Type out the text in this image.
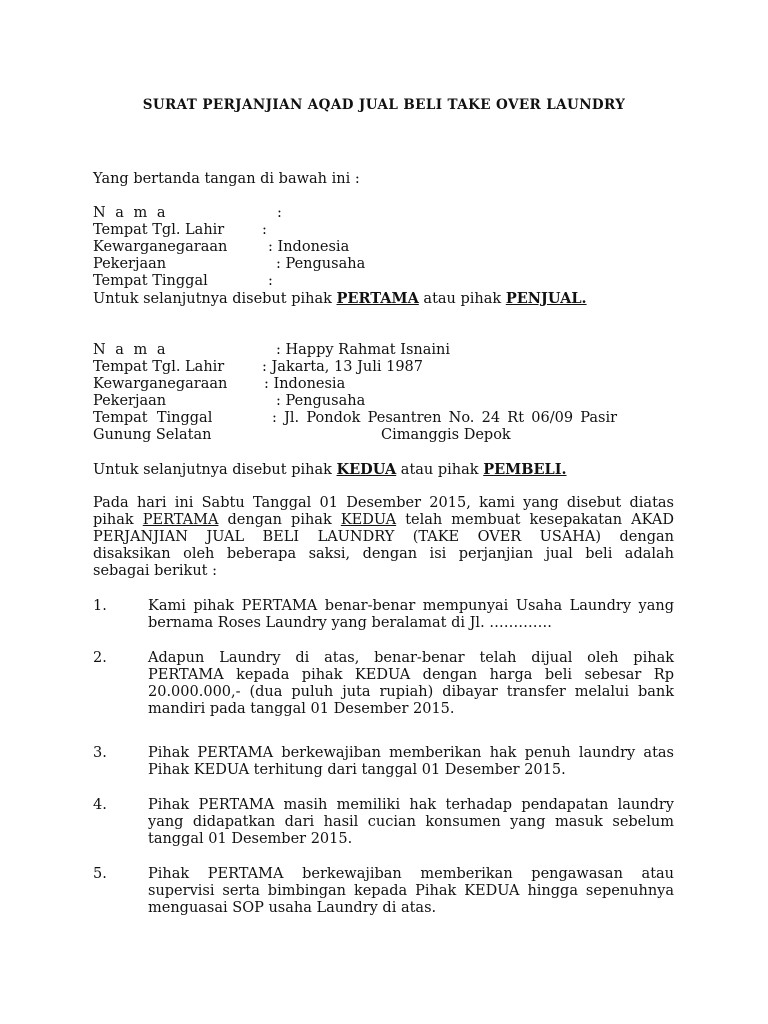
SURAT PERJANJIAN AQAD JUAL BELI TAKE OVER LAUNDRY
Yang bertanda tangan di bawah ini :
N a m a	:
Tempat Tgl. Lahir	:
Kewarganegaraan	: Indonesia
Pekerjaan	: Pengusaha
Tempat Tinggal	:
Untuk selanjutnya disebut pihak PERTAMA atau pihak PENJUAL.
N a m a	: Happy Rahmat Isnaini
Tempat Tgl. Lahir	: Jakarta, 13 Juli 1987
Kewarganegaraan	: Indonesia
Pekerjaan	: Pengusaha
Tempat  Tinggal	:  Jl.  Pondok  Pesantren  No.  24  Rt  06/09  Pasir
Gunung Selatan	Cimanggis Depok
Untuk selanjutnya disebut pihak KEDUA atau pihak PEMBELI.
Pada hari ini Sabtu Tanggal 01 Desember 2015, kami yang disebut diatas
pihak PERTAMA dengan pihak KEDUA telah membuat kesepakatan AKAD
PERJANJIAN JUAL BELI LAUNDRY (TAKE OVER USAHA) dengan
disaksikan oleh beberapa saksi, dengan isi perjanjian jual beli adalah
sebagai berikut :
1.	Kami pihak PERTAMA benar-benar mempunyai Usaha Laundry yang
bernama Roses Laundry yang beralamat di Jl. ………….
2.	Adapun Laundry di atas, benar-benar telah dijual oleh pihak
PERTAMA kepada pihak KEDUA dengan harga beli sebesar Rp
20.000.000,- (dua puluh juta rupiah) dibayar transfer melalui bank
mandiri pada tanggal 01 Desember 2015.
3.	Pihak PERTAMA berkewajiban memberikan hak penuh laundry atas
Pihak KEDUA terhitung dari tanggal 01 Desember 2015.
4.	Pihak PERTAMA masih memiliki hak terhadap pendapatan laundry
yang didapatkan dari hasil cucian konsumen yang masuk sebelum
tanggal 01 Desember 2015.
5.	Pihak PERTAMA berkewajiban memberikan pengawasan atau
supervisi serta bimbingan kepada Pihak KEDUA hingga sepenuhnya
menguasai SOP usaha Laundry di atas.
